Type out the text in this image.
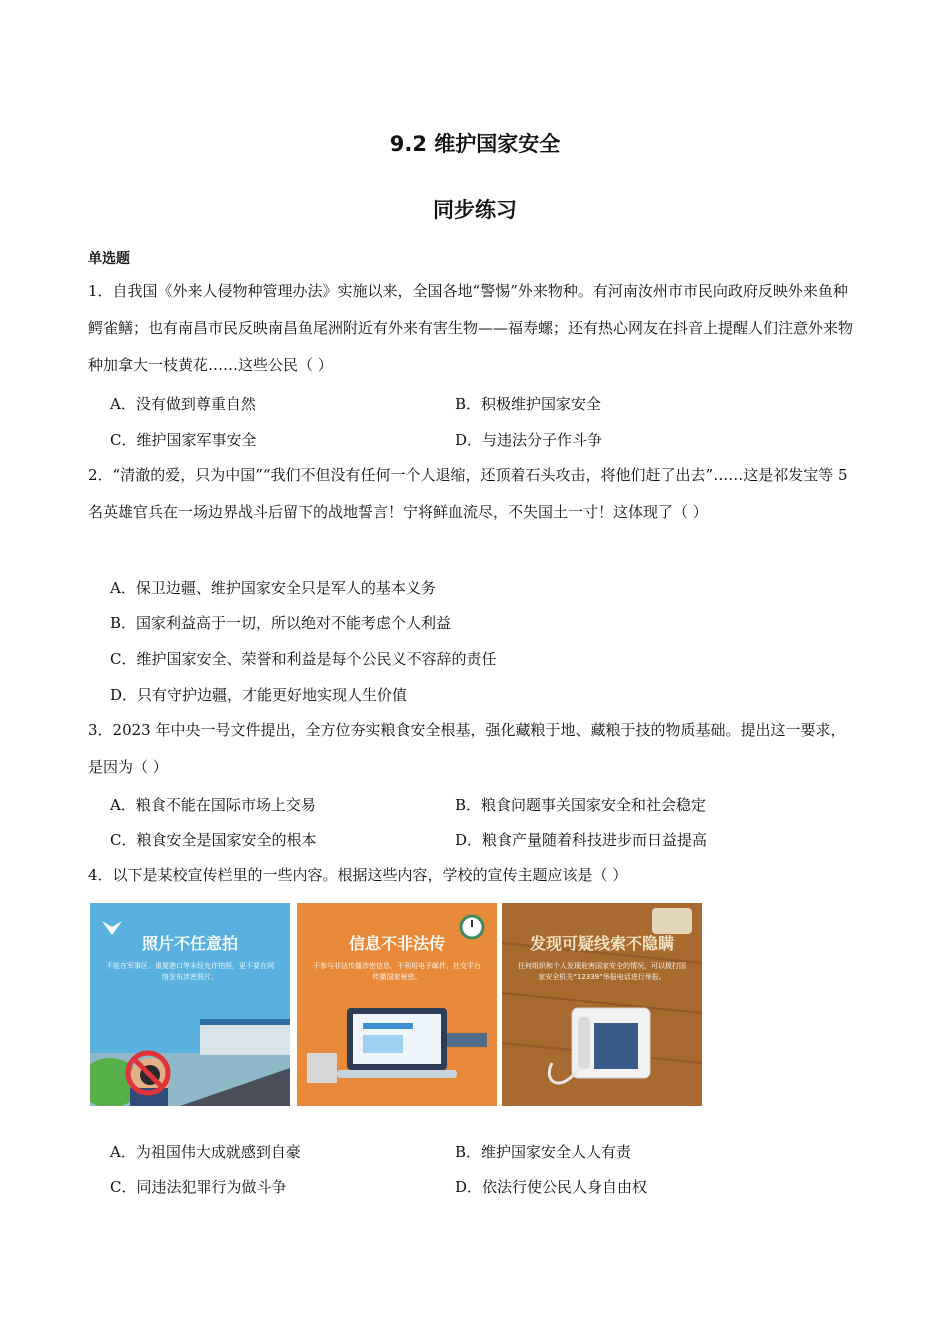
9.2 维护国家安全
同步练习
单选题
1．自我国《外来人侵物种管理办法》实施以来，全国各地“警惕”外来物种。有河南汝州市市民向政府反映外来鱼种鳄雀鳝；也有南昌市民反映南昌鱼尾洲附近有外来有害生物——福寿螺；还有热心网友在抖音上提醒人们注意外来物种加拿大一枝黄花……这些公民（ ）
A．没有做到尊重自然	B．积极维护国家安全
C．维护国家军事安全	D．与违法分子作斗争
2．“清澈的爱，只为中国”“我们不但没有任何一个人退缩，还顶着石头攻击，将他们赶了出去”……这是祁发宝等 5 名英雄官兵在一场边界战斗后留下的战地誓言！宁将鲜血流尽，不失国土一寸！这体现了（ ）
A．保卫边疆、维护国家安全只是军人的基本义务
B．国家利益高于一切，所以绝对不能考虑个人利益
C．维护国家安全、荣誉和利益是每个公民义不容辞的责任
D．只有守护边疆，才能更好地实现人生价值
3．2023 年中央一号文件提出，全方位夯实粮食安全根基，强化藏粮于地、藏粮于技的物质基础。提出这一要求，是因为（ ）
A．粮食不能在国际市场上交易	B．粮食问题事关国家安全和社会稳定
C．粮食安全是国家安全的根本	D．粮食产量随着科技进步而日益提高
4．以下是某校宣传栏里的一些内容。根据这些内容，学校的宣传主题应该是（ ）
照片不任意拍
不能在军事区、重要港口等未经允许拍照，更不要在网络发布涉密照片。
信息不非法传
不参与非法传播涉密信息，不利用电子邮件、社交平台传播国家秘密。
发现可疑线索不隐瞒
任何组织和个人发现危害国家安全的情况，可以拨打国家安全机关“12339”举报电话进行举报。
A．为祖国伟大成就感到自豪	B．维护国家安全人人有责
C．同违法犯罪行为做斗争	D．依法行使公民人身自由权
